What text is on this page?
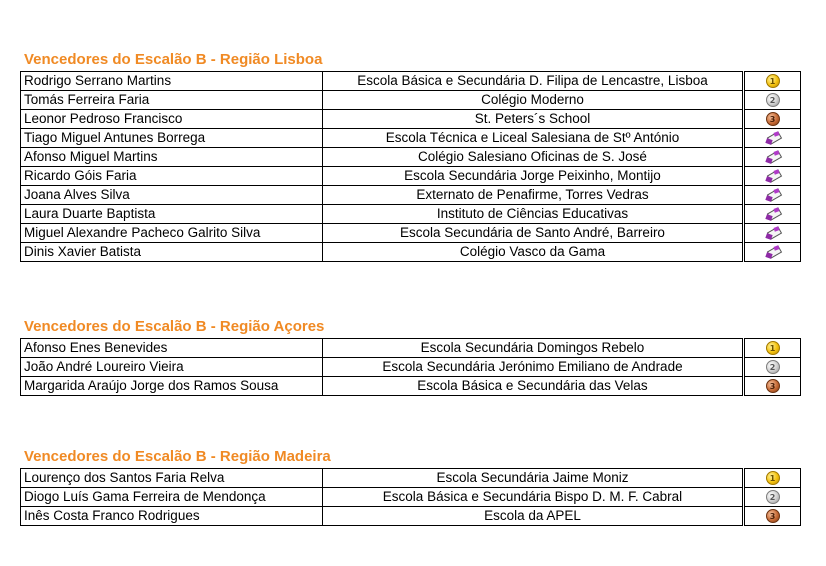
Vencedores do Escalão B - Região Lisboa
Rodrigo Serrano Martins	Escola Básica e Secundária D. Filipa de Lencastre, Lisboa		1
Tomás Ferreira Faria	Colégio Moderno		2
Leonor Pedroso Francisco	St. Peters´s School		3
Tiago Miguel Antunes Borrega	Escola Técnica e Liceal Salesiana de Stº António		

Afonso Miguel Martins	Colégio Salesiano Oficinas de S. José		

Ricardo Góis Faria	Escola Secundária Jorge Peixinho, Montijo		

Joana Alves Silva	Externato de Penafirme, Torres Vedras		

Laura Duarte Baptista	Instituto de Ciências Educativas		

Miguel Alexandre Pacheco Galrito Silva	Escola Secundária de Santo André, Barreiro		

Dinis Xavier Batista	Colégio Vasco da Gama		
Vencedores do Escalão B - Região Açores
Afonso Enes Benevides	Escola Secundária Domingos Rebelo		1
João André Loureiro Vieira	Escola Secundária Jerónimo Emiliano de Andrade		2
Margarida Araújo Jorge dos Ramos Sousa	Escola Básica e Secundária das Velas		3
Vencedores do Escalão B - Região Madeira
Lourenço dos Santos Faria Relva	Escola Secundária Jaime Moniz		1
Diogo Luís Gama Ferreira de Mendonça	Escola Básica e Secundária Bispo D. M. F. Cabral		2
Inês Costa Franco Rodrigues	Escola da APEL		3
